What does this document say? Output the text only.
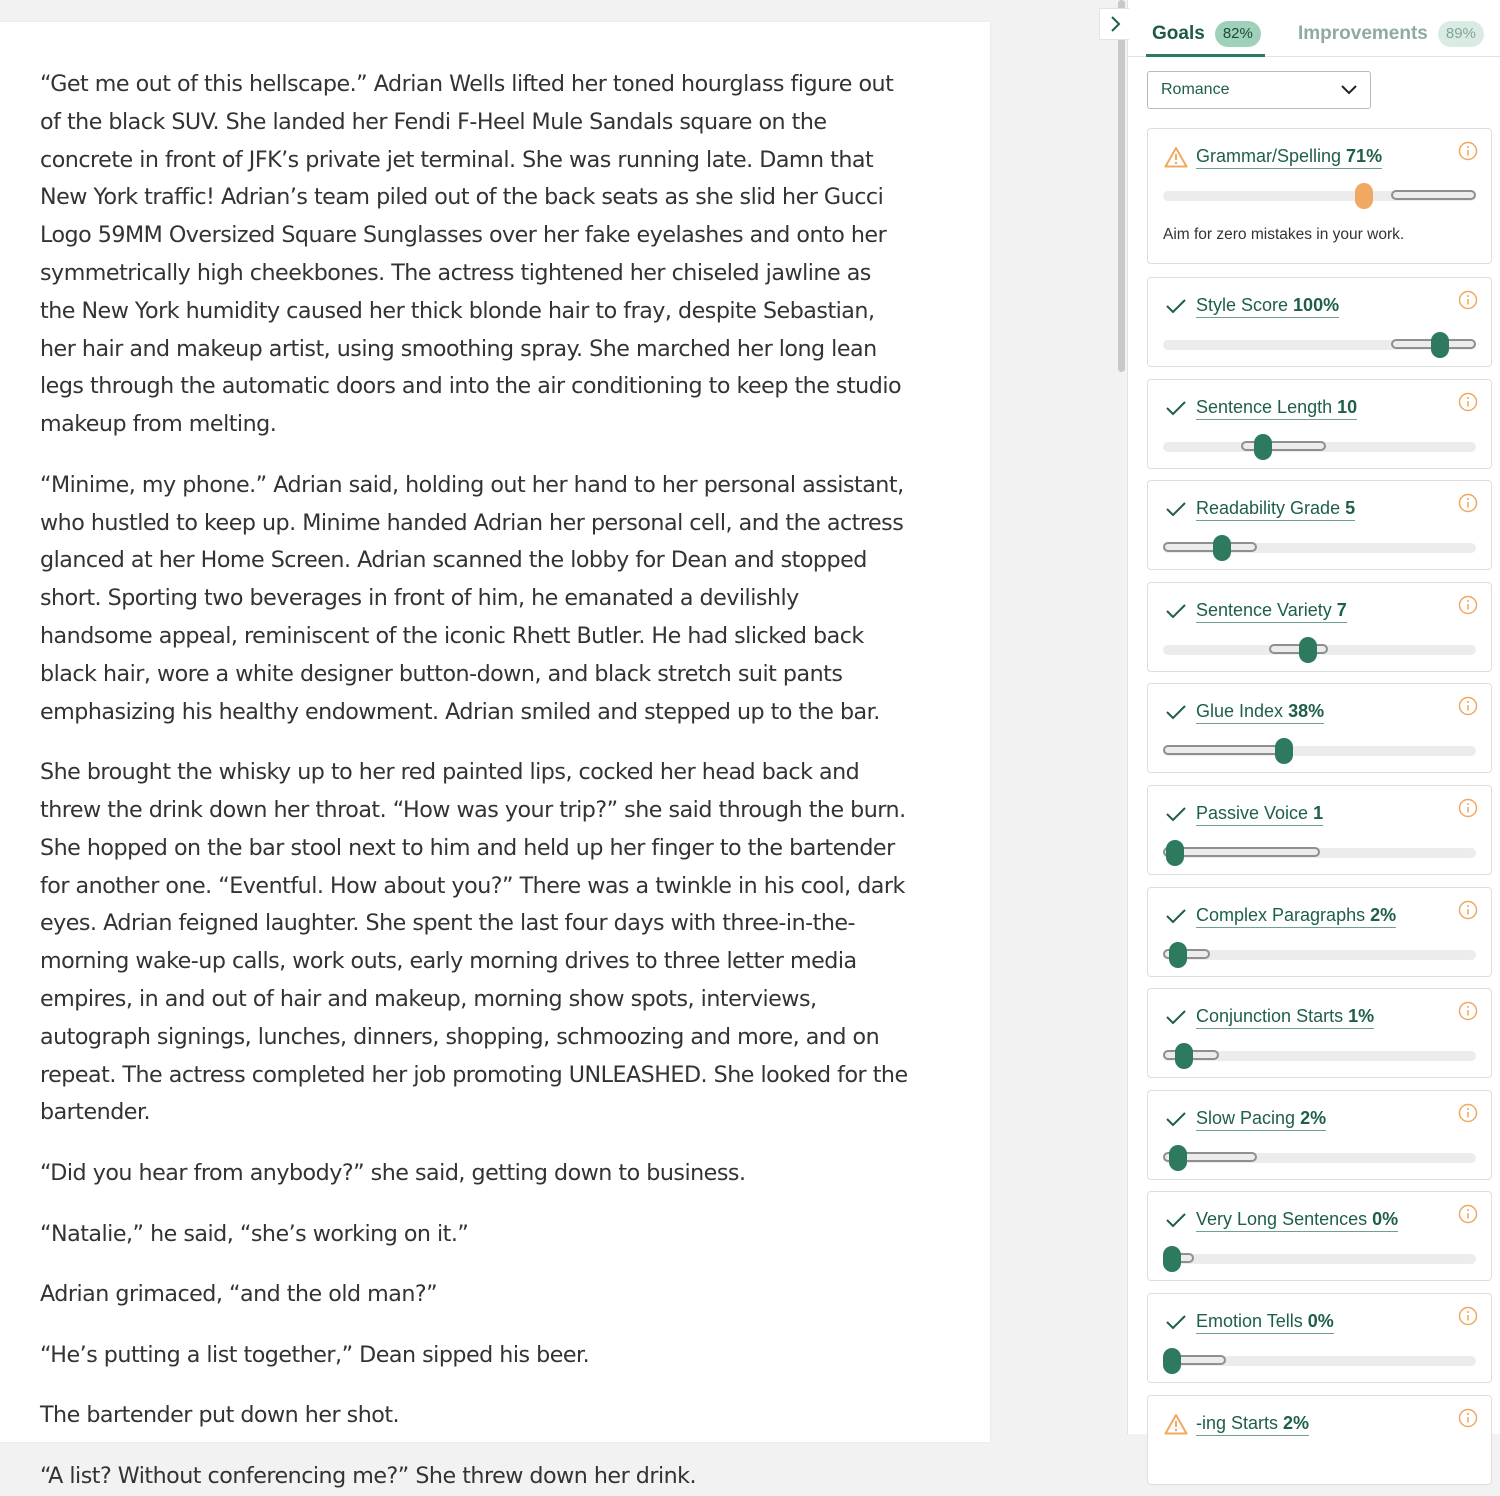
“Get me out of this hellscape.” Adrian Wells lifted her toned hourglass figure out of the black SUV. She landed her Fendi F-Heel Mule Sandals square on the concrete in front of JFK’s private jet terminal. She was running late. Damn that New York traffic! Adrian’s team piled out of the back seats as she slid her Gucci Logo 59MM Oversized Square Sunglasses over her fake eyelashes and onto her symmetrically high cheekbones. The actress tightened her chiseled jawline as the New York humidity caused her thick blonde hair to fray, despite Sebastian, her hair and makeup artist, using smoothing spray. She marched her long lean legs through the automatic doors and into the air conditioning to keep the studio makeup from melting.

“Minime, my phone.” Adrian said, holding out her hand to her personal assistant, who hustled to keep up. Minime handed Adrian her personal cell, and the actress glanced at her Home Screen. Adrian scanned the lobby for Dean and stopped short. Sporting two beverages in front of him, he emanated a devilishly handsome appeal, reminiscent of the iconic Rhett Butler. He had slicked back black hair, wore a white designer button-down, and black stretch suit pants emphasizing his healthy endowment. Adrian smiled and stepped up to the bar.

She brought the whisky up to her red painted lips, cocked her head back and threw the drink down her throat. “How was your trip?” she said through the burn. She hopped on the bar stool next to him and held up her finger to the bartender for another one. “Eventful. How about you?” There was a twinkle in his cool, dark eyes. Adrian feigned laughter. She spent the last four days with three-in-the-morning wake-up calls, work outs, early morning drives to three letter media empires, in and out of hair and makeup, morning show spots, interviews, autograph signings, lunches, dinners, shopping, schmoozing and more, and on repeat. The actress completed her job promoting UNLEASHED. She looked for the bartender.

“Did you hear from anybody?” she said, getting down to business.

“Natalie,” he said, “she’s working on it.”

Adrian grimaced, “and the old man?”

“He’s putting a list together,” Dean sipped his beer.

The bartender put down her shot.

“A list? Without conferencing me?” She threw down her drink.

Goals	82%	Improvements	89%
Romance
Grammar/Spelling 71%
Aim for zero mistakes in your work.
Style Score 100%
Sentence Length 10
Readability Grade 5
Sentence Variety 7
Glue Index 38%
Passive Voice 1
Complex Paragraphs 2%
Conjunction Starts 1%
Slow Pacing 2%
Very Long Sentences 0%
Emotion Tells 0%
-ing Starts 2%
